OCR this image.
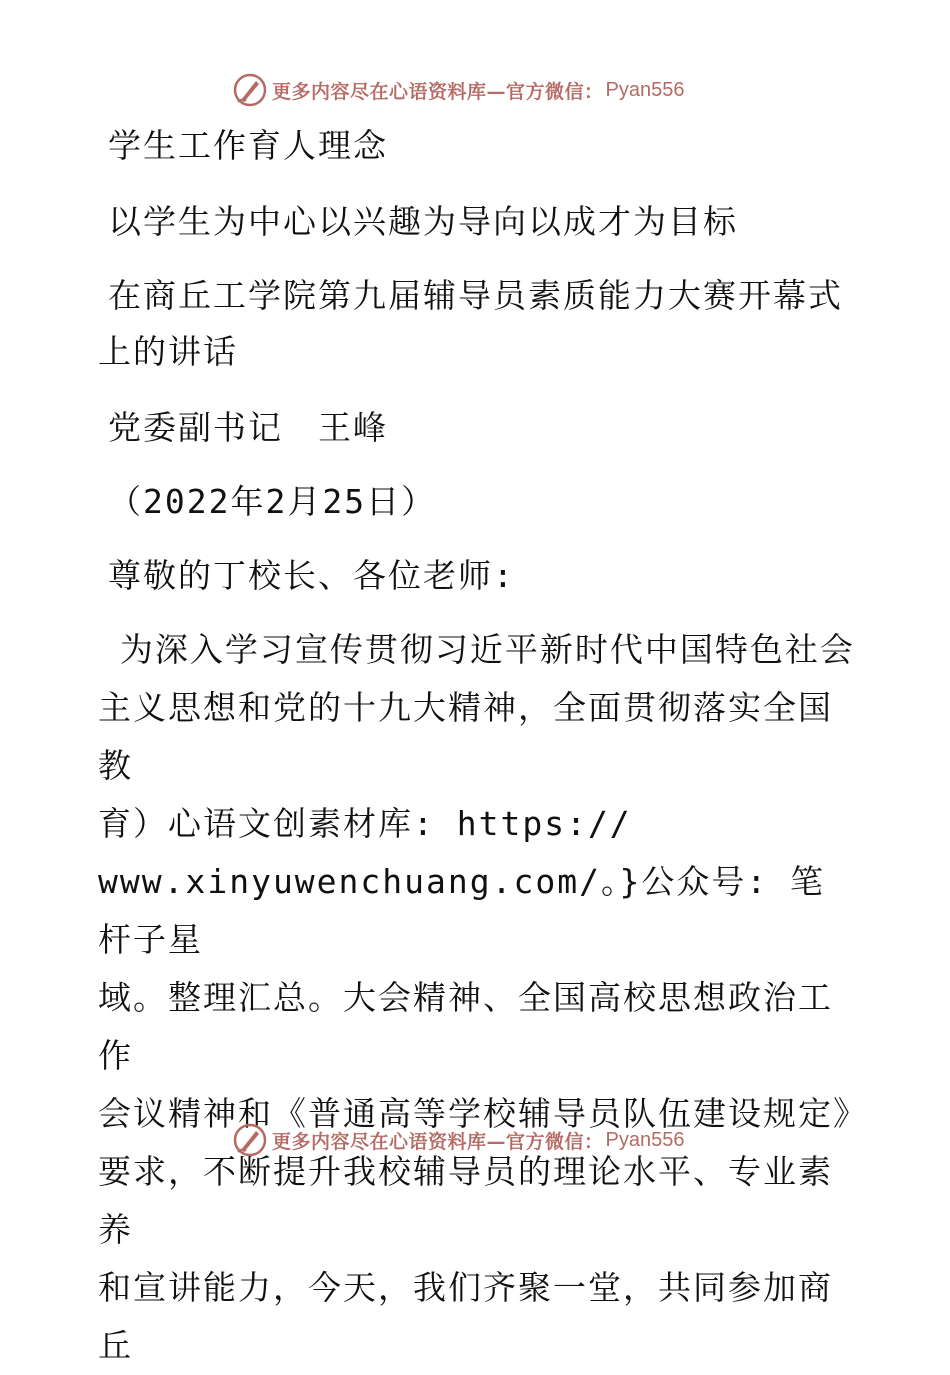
更多内容尽在心语资料库—官方微信： Pyan556
学生工作育人理念
以学生为中心以兴趣为导向以成才为目标
在商丘工学院第九届辅导员素质能力大赛开幕式
上的讲话
党委副书记　王峰
（2022年2月25日）
尊敬的丁校长、各位老师:
为深入学习宣传贯彻习近平新时代中国特色社会
主义思想和党的十九大精神，全面贯彻落实全国教
育）心语文创素材库: https://
www.xinyuwenchuang.com/。}公众号: 笔杆子星
域。整理汇总。大会精神、全国高校思想政治工作
会议精神和《普通高等学校辅导员队伍建设规定》
要求，不断提升我校辅导员的理论水平、专业素养
和宣讲能力，今天，我们齐聚一堂，共同参加商丘
更多内容尽在心语资料库—官方微信： Pyan556
